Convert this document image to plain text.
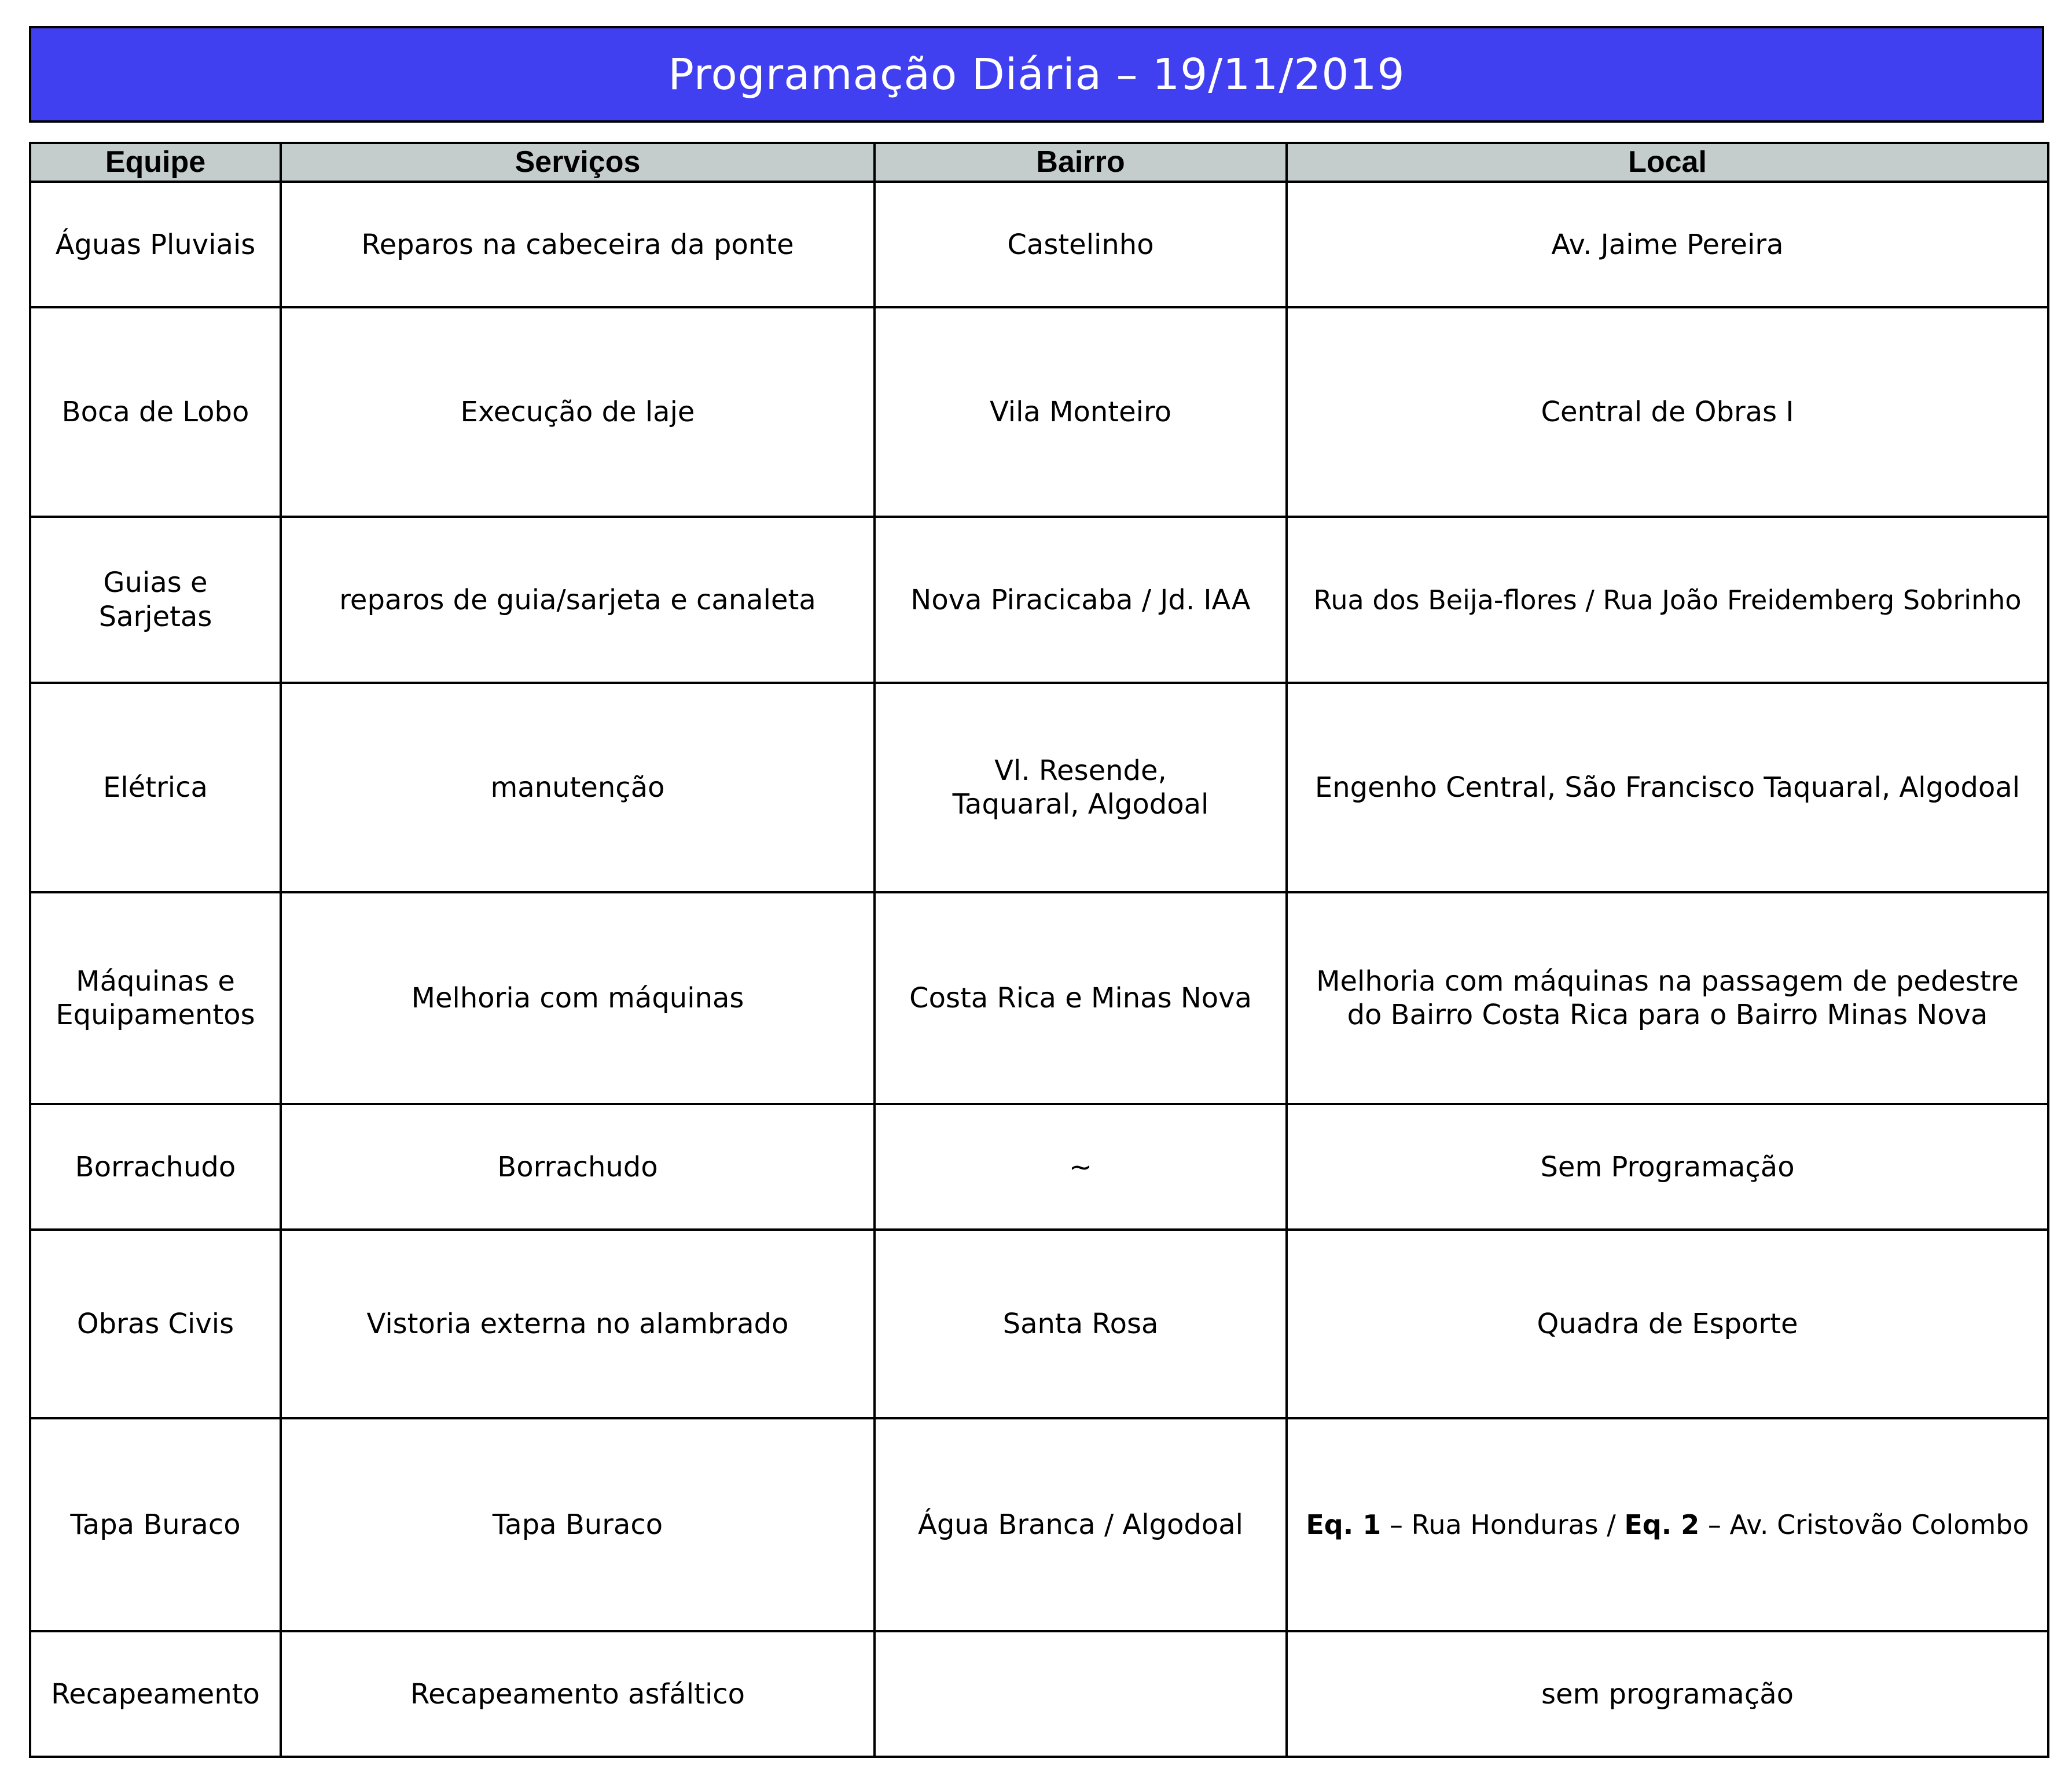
Programação Diária – 19/11/2019
Equipe	Serviços	Bairro	Local
Águas Pluviais	Reparos na cabeceira da ponte	Castelinho	Av. Jaime Pereira
Boca de Lobo	Execução de laje	Vila Monteiro	Central de Obras I
Guias e Sarjetas	reparos de guia/sarjeta e canaleta	Nova Piracicaba / Jd. IAA	Rua dos Beija-flores / Rua João Freidemberg Sobrinho
Elétrica	manutenção	Vl. Resende, Taquaral, Algodoal	Engenho Central, São Francisco Taquaral, Algodoal
Máquinas e Equipamentos	Melhoria com máquinas	Costa Rica e Minas Nova	Melhoria com máquinas na passagem de pedestre do Bairro Costa Rica para o Bairro Minas Nova
Borrachudo	Borrachudo	~	Sem Programação
Obras Civis	Vistoria externa no alambrado	Santa Rosa	Quadra de Esporte
Tapa Buraco	Tapa Buraco	Água Branca / Algodoal	Eq. 1 – Rua Honduras / Eq. 2 – Av. Cristovão Colombo
Recapeamento	Recapeamento asfáltico		sem programação
